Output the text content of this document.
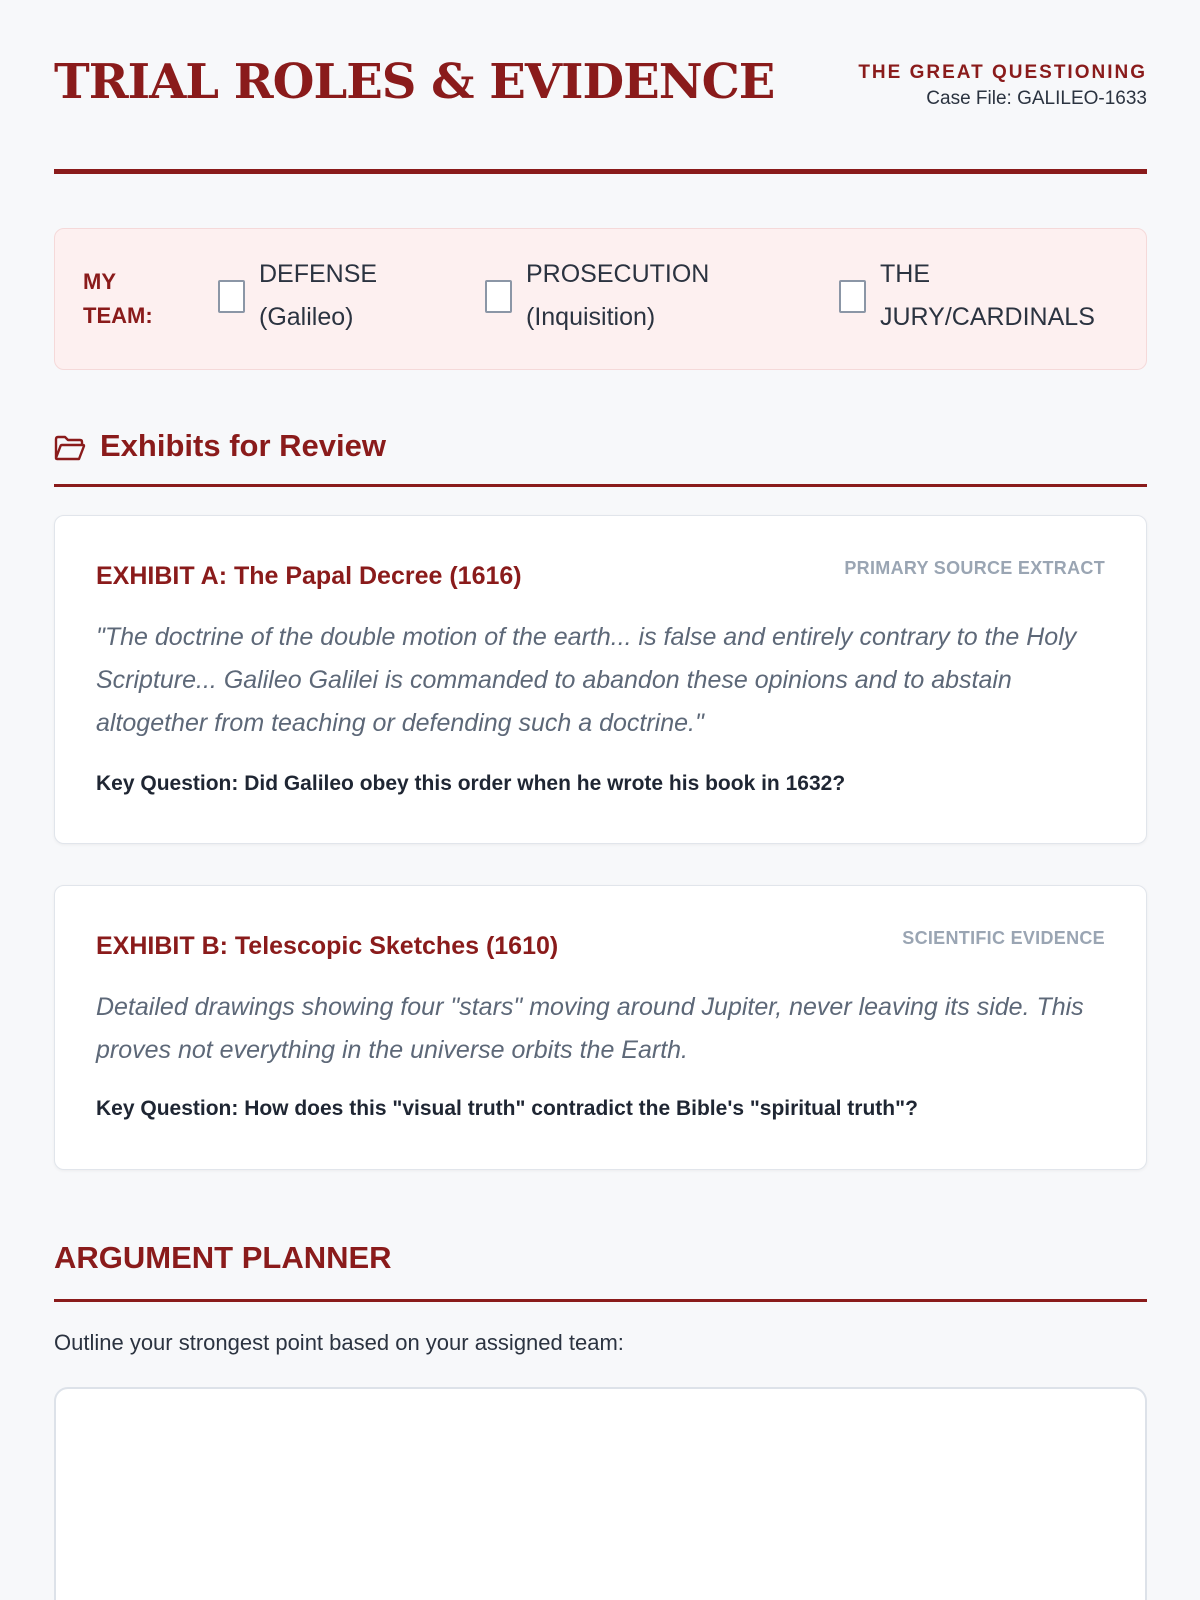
TRIAL ROLES & EVIDENCE	THE GREAT QUESTIONING
Case File: GALILEO-1633
MY TEAM:
DEFENSE
(Galileo)
PROSECUTION
(Inquisition)
THE
JURY/CARDINALS
Exhibits for Review
EXHIBIT A: The Papal Decree (1616)	PRIMARY SOURCE EXTRACT
"The doctrine of the double motion of the earth... is false and entirely contrary to the Holy Scripture... Galileo Galilei is commanded to abandon these opinions and to abstain altogether from teaching or defending such a doctrine."
Key Question: Did Galileo obey this order when he wrote his book in 1632?
EXHIBIT B: Telescopic Sketches (1610)	SCIENTIFIC EVIDENCE
Detailed drawings showing four "stars" moving around Jupiter, never leaving its side. This proves not everything in the universe orbits the Earth.
Key Question: How does this "visual truth" contradict the Bible's "spiritual truth"?
ARGUMENT PLANNER
Outline your strongest point based on your assigned team:
